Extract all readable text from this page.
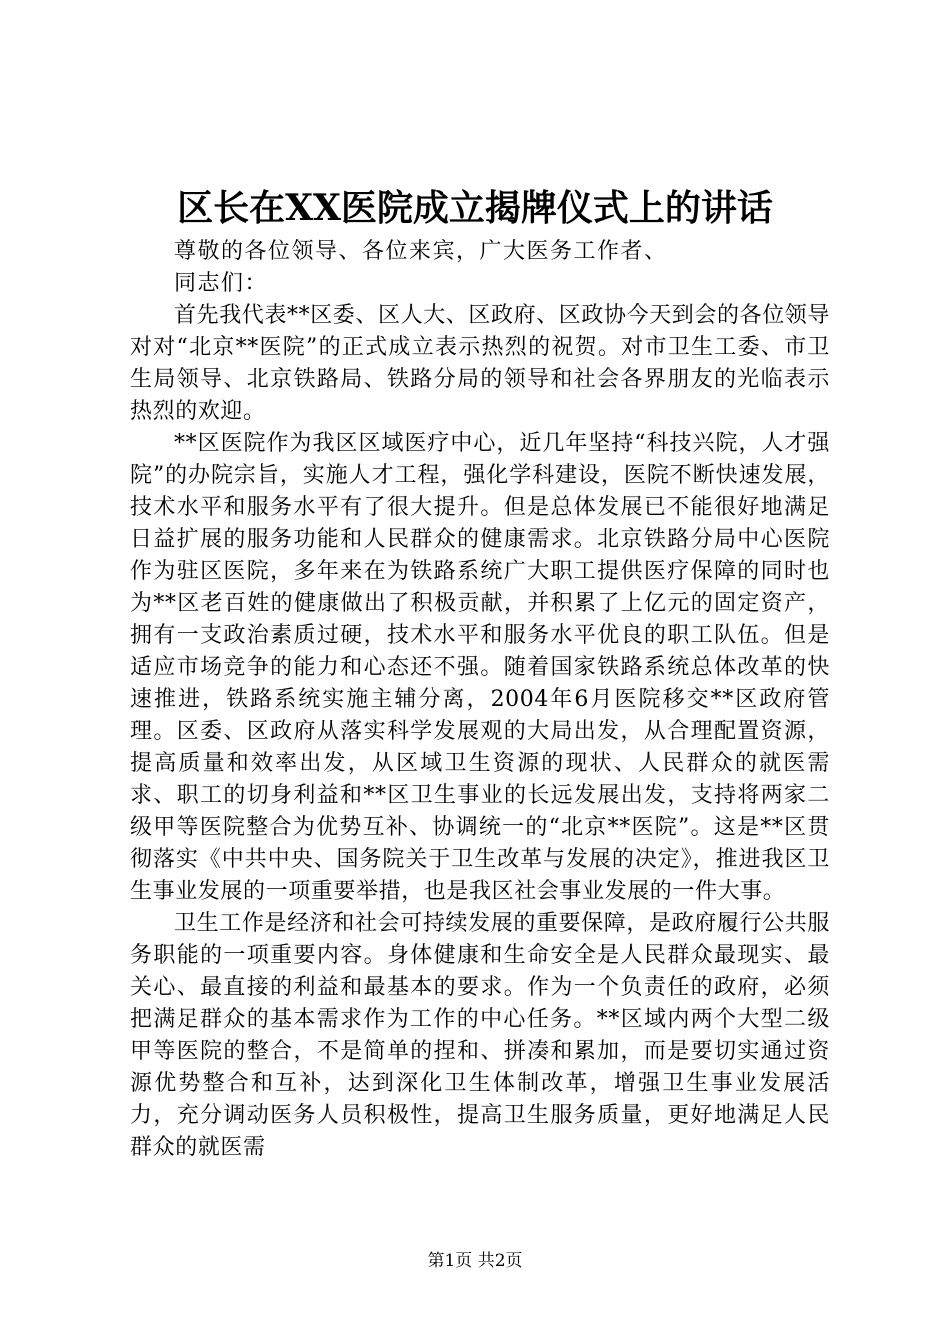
区长在XX医院成立揭牌仪式上的讲话

尊敬的各位领导、各位来宾，广大医务工作者、

同志们：

首先我代表**区委、区人大、区政府、区政协今天到会的各位领导对对“北京**医院”的正式成立表示热烈的祝贺。对市卫生工委、市卫生局领导、北京铁路局、铁路分局的领导和社会各界朋友的光临表示热烈的欢迎。

**区医院作为我区区域医疗中心，近几年坚持“科技兴院，人才强院”的办院宗旨，实施人才工程，强化学科建设，医院不断快速发展，技术水平和服务水平有了很大提升。但是总体发展已不能很好地满足日益扩展的服务功能和人民群众的健康需求。北京铁路分局中心医院作为驻区医院，多年来在为铁路系统广大职工提供医疗保障的同时也为**区老百姓的健康做出了积极贡献，并积累了上亿元的固定资产，拥有一支政治素质过硬，技术水平和服务水平优良的职工队伍。但是适应市场竞争的能力和心态还不强。随着国家铁路系统总体改革的快速推进，铁路系统实施主辅分离，2004年6月医院移交**区政府管理。区委、区政府从落实科学发展观的大局出发，从合理配置资源，提高质量和效率出发，从区域卫生资源的现状、人民群众的就医需求、职工的切身利益和**区卫生事业的长远发展出发，支持将两家二级甲等医院整合为优势互补、协调统一的“北京**医院”。这是**区贯彻落实《中共中央、国务院关于卫生改革与发展的决定》，推进我区卫生事业发展的一项重要举措，也是我区社会事业发展的一件大事。

卫生工作是经济和社会可持续发展的重要保障，是政府履行公共服务职能的一项重要内容。身体健康和生命安全是人民群众最现实、最关心、最直接的利益和最基本的要求。作为一个负责任的政府，必须把满足群众的基本需求作为工作的中心任务。**区域内两个大型二级甲等医院的整合，不是简单的捏和、拼凑和累加，而是要切实通过资源优势整合和互补，达到深化卫生体制改革，增强卫生事业发展活力，充分调动医务人员积极性，提高卫生服务质量，更好地满足人民群众的就医需

第1页 共2页
